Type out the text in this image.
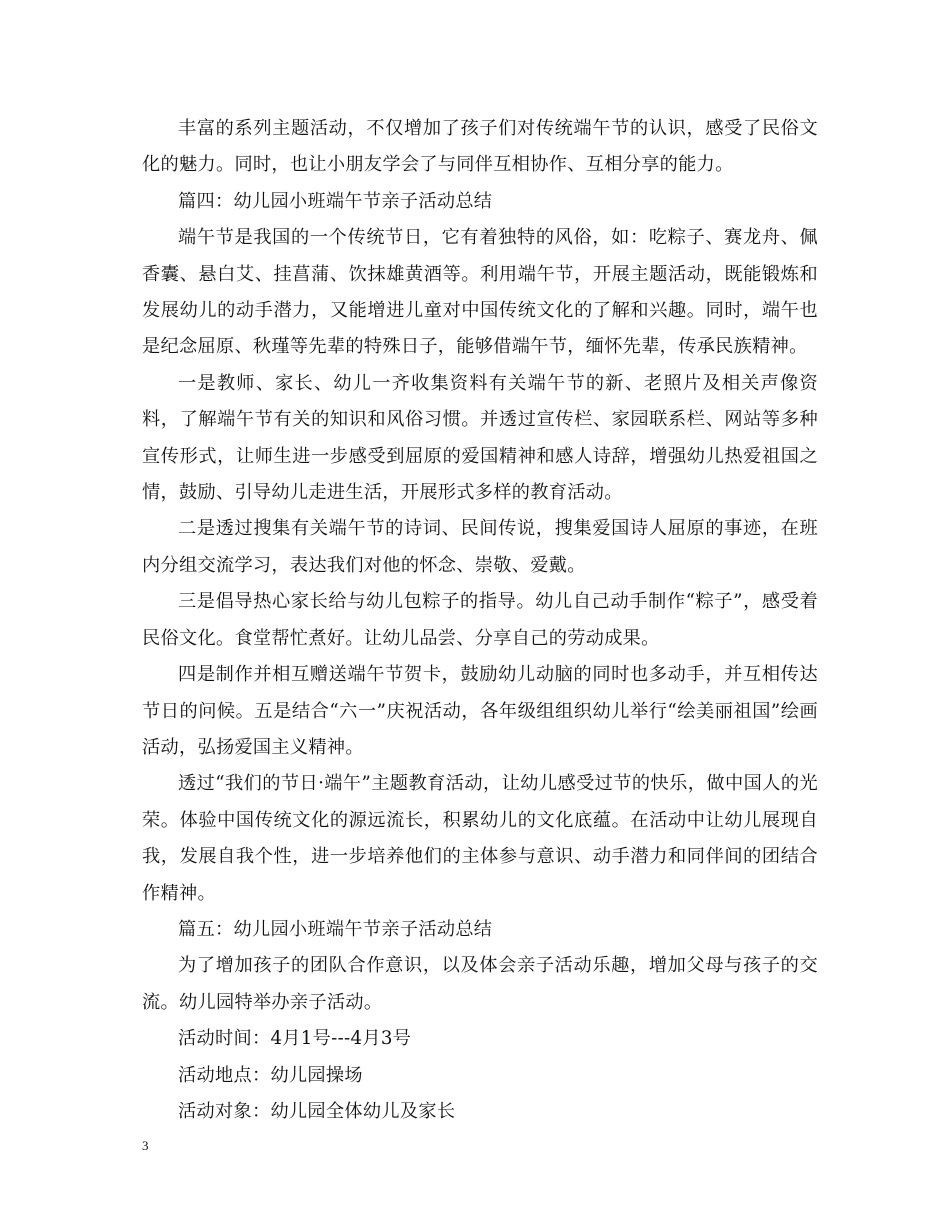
丰富的系列主题活动，不仅增加了孩子们对传统端午节的认识，感受了民俗文化的魅力。同时，也让小朋友学会了与同伴互相协作、互相分享的能力。

篇四：幼儿园小班端午节亲子活动总结

端午节是我国的一个传统节日，它有着独特的风俗，如：吃粽子、赛龙舟、佩香囊、悬白艾、挂菖蒲、饮抹雄黄酒等。利用端午节，开展主题活动，既能锻炼和发展幼儿的动手潜力，又能增进儿童对中国传统文化的了解和兴趣。同时，端午也是纪念屈原、秋瑾等先辈的特殊日子，能够借端午节，缅怀先辈，传承民族精神。

一是教师、家长、幼儿一齐收集资料有关端午节的新、老照片及相关声像资料，了解端午节有关的知识和风俗习惯。并透过宣传栏、家园联系栏、网站等多种宣传形式，让师生进一步感受到屈原的爱国精神和感人诗辞，增强幼儿热爱祖国之情，鼓励、引导幼儿走进生活，开展形式多样的教育活动。

二是透过搜集有关端午节的诗词、民间传说，搜集爱国诗人屈原的事迹，在班内分组交流学习，表达我们对他的怀念、崇敬、爱戴。

三是倡导热心家长给与幼儿包粽子的指导。幼儿自己动手制作“粽子”，感受着民俗文化。食堂帮忙煮好。让幼儿品尝、分享自己的劳动成果。

四是制作并相互赠送端午节贺卡，鼓励幼儿动脑的同时也多动手，并互相传达节日的问候。五是结合“六一”庆祝活动，各年级组组织幼儿举行“绘美丽祖国”绘画活动，弘扬爱国主义精神。

透过“我们的节日·端午”主题教育活动，让幼儿感受过节的快乐，做中国人的光荣。体验中国传统文化的源远流长，积累幼儿的文化底蕴。在活动中让幼儿展现自我，发展自我个性，进一步培养他们的主体参与意识、动手潜力和同伴间的团结合作精神。

篇五：幼儿园小班端午节亲子活动总结

为了增加孩子的团队合作意识，以及体会亲子活动乐趣，增加父母与孩子的交流。幼儿园特举办亲子活动。

活动时间：4月1号---4月3号

活动地点：幼儿园操场

活动对象：幼儿园全体幼儿及家长

3
